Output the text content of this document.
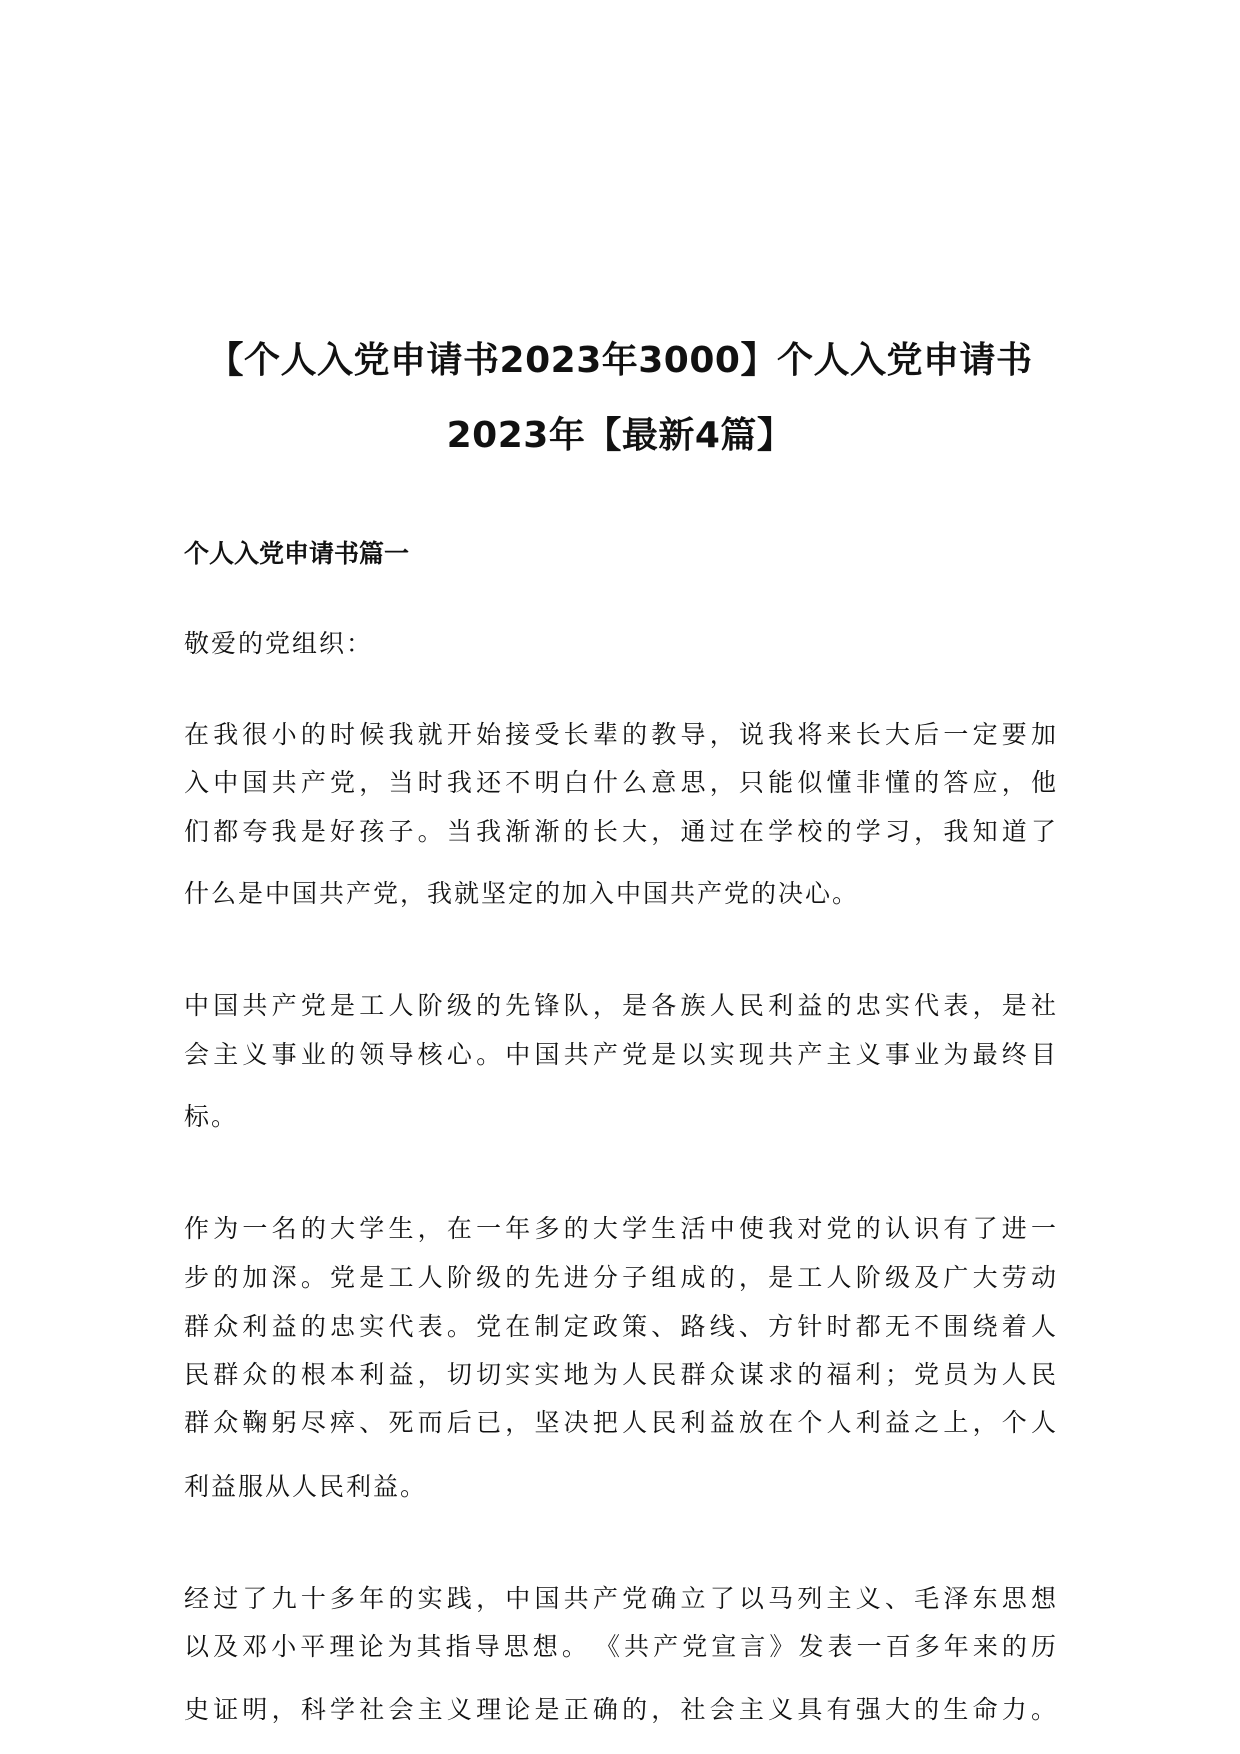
【个人入党申请书2023年3000】个人入党申请书
2023年【最新4篇】
个人入党申请书篇一
敬爱的党组织：
在我很小的时候我就开始接受长辈的教导，说我将来长大后一定要加
入中国共产党，当时我还不明白什么意思，只能似懂非懂的答应，他
们都夸我是好孩子。当我渐渐的长大，通过在学校的学习，我知道了
什么是中国共产党，我就坚定的加入中国共产党的决心。
中国共产党是工人阶级的先锋队，是各族人民利益的忠实代表，是社
会主义事业的领导核心。中国共产党是以实现共产主义事业为最终目
标。
作为一名的大学生，在一年多的大学生活中使我对党的认识有了进一
步的加深。党是工人阶级的先进分子组成的，是工人阶级及广大劳动
群众利益的忠实代表。党在制定政策、路线、方针时都无不围绕着人
民群众的根本利益，切切实实地为人民群众谋求的福利；党员为人民
群众鞠躬尽瘁、死而后已，坚决把人民利益放在个人利益之上，个人
利益服从人民利益。
经过了九十多年的实践，中国共产党确立了以马列主义、毛泽东思想
以及邓小平理论为其指导思想。　《共产党宣言》发表一百多年来的历
史证明，科学社会主义理论是正确的，社会主义具有强大的生命力。
